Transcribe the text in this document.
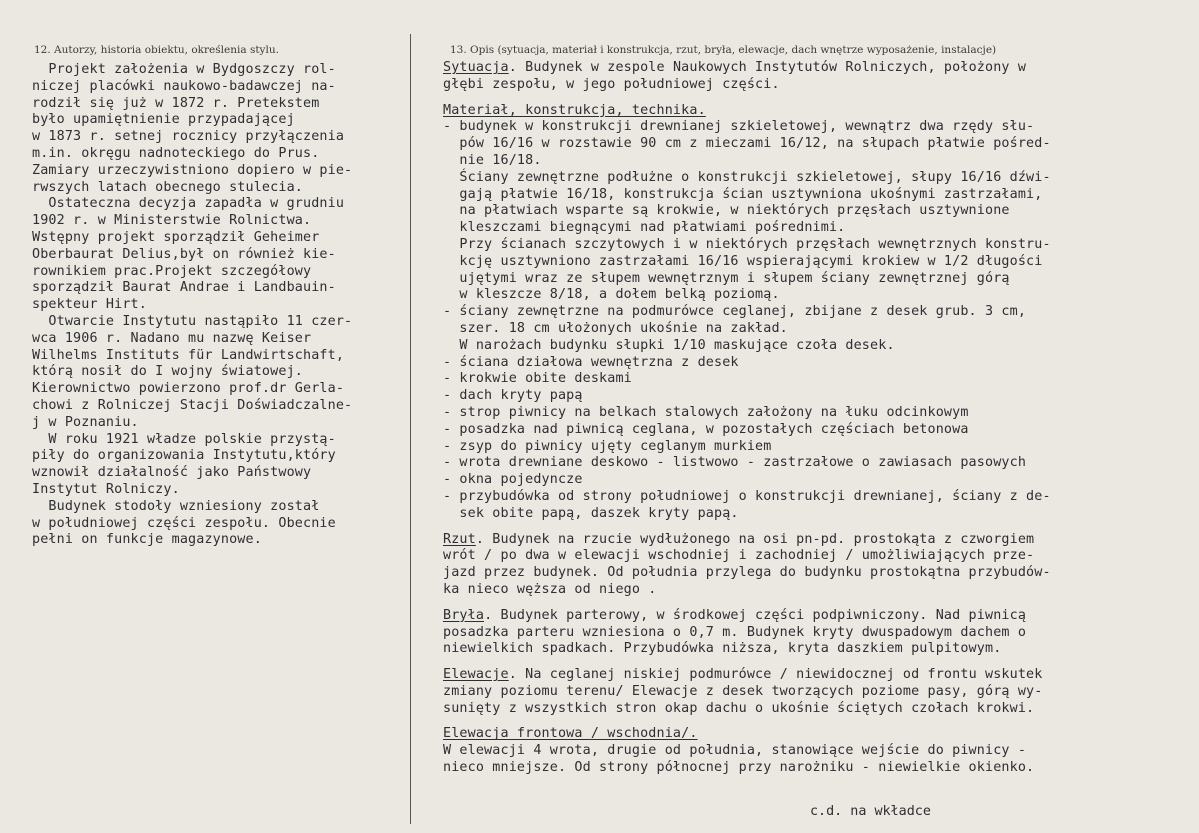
12. Autorzy, historia obiektu, określenia stylu.	13. Opis (sytuacja, materiał i konstrukcja, rzut, bryła, elewacje, dach wnętrze wyposażenie, instalacje)
Projekt założenia w Bydgoszczy rol-
niczej placówki naukowo-badawczej na-
rodził się już w 1872 r. Pretekstem
było upamiętnienie przypadającej
w 1873 r. setnej rocznicy przyłączenia
m.in. okręgu nadnoteckiego do Prus.
Zamiary urzeczywistniono dopiero w pie-
rwszych latach obecnego stulecia.
Ostateczna decyzja zapadła w grudniu
1902 r. w Ministerstwie Rolnictwa.
Wstępny projekt sporządził Geheimer
Oberbaurat Delius,był on również kie-
rownikiem prac.Projekt szczegółowy
sporządził Baurat Andrae i Landbauin-
spekteur Hirt.
Otwarcie Instytutu nastąpiło 11 czer-
wca 1906 r. Nadano mu nazwę Keiser
Wilhelms Instituts für Landwirtschaft,
którą nosił do I wojny światowej.
Kierownictwo powierzono prof.dr Gerla-
chowi z Rolniczej Stacji Doświadczalne-
j w Poznaniu.
W roku 1921 władze polskie przystą-
piły do organizowania Instytutu,który
wznowił działalność jako Państwowy
Instytut Rolniczy.
Budynek stodoły wzniesiony został
w południowej części zespołu. Obecnie
pełni on funkcje magazynowe.
Sytuacja. Budynek w zespole Naukowych Instytutów Rolniczych, położony w
głębi zespołu, w jego południowej części.
Materiał, konstrukcja, technika.
- budynek w konstrukcji drewnianej szkieletowej, wewnątrz dwa rzędy słu-
pów 16/16 w rozstawie 90 cm z mieczami 16/12, na słupach płatwie pośred-
nie 16/18.
Ściany zewnętrzne podłużne o konstrukcji szkieletowej, słupy 16/16 dźwi-
gają płatwie 16/18, konstrukcja ścian usztywniona ukośnymi zastrzałami,
na płatwiach wsparte są krokwie, w niektórych przęsłach usztywnione
kleszczami biegnącymi nad płatwiami pośrednimi.
Przy ścianach szczytowych i w niektórych przęsłach wewnętrznych konstru-
kcję usztywniono zastrzałami 16/16 wspierającymi krokiew w 1/2 długości
ujętymi wraz ze słupem wewnętrznym i słupem ściany zewnętrznej górą
w kleszcze 8/18, a dołem belką poziomą.
- ściany zewnętrzne na podmurówce ceglanej, zbijane z desek grub. 3 cm,
szer. 18 cm ułożonych ukośnie na zakład.
W narożach budynku słupki 1/10 maskujące czoła desek.
- ściana działowa wewnętrzna z desek
- krokwie obite deskami
- dach kryty papą
- strop piwnicy na belkach stalowych założony na łuku odcinkowym
- posadzka nad piwnicą ceglana, w pozostałych częściach betonowa
- zsyp do piwnicy ujęty ceglanym murkiem
- wrota drewniane deskowo - listwowo - zastrzałowe o zawiasach pasowych
- okna pojedyncze
- przybudówka od strony południowej o konstrukcji drewnianej, ściany z de-
sek obite papą, daszek kryty papą.
Rzut. Budynek na rzucie wydłużonego na osi pn-pd. prostokąta z czworgiem
wrót / po dwa w elewacji wschodniej i zachodniej / umożliwiających prze-
jazd przez budynek. Od południa przylega do budynku prostokątna przybudów-
ka nieco węższa od niego .
Bryła. Budynek parterowy, w środkowej części podpiwniczony. Nad piwnicą
posadzka parteru wzniesiona o 0,7 m. Budynek kryty dwuspadowym dachem o
niewielkich spadkach. Przybudówka niższa, kryta daszkiem pulpitowym.
Elewacje. Na ceglanej niskiej podmurówce / niewidocznej od frontu wskutek
zmiany poziomu terenu/ Elewacje z desek tworzących poziome pasy, górą wy-
sunięty z wszystkich stron okap dachu o ukośnie ściętych czołach krokwi.
Elewacja frontowa / wschodnia/.
W elewacji 4 wrota, drugie od południa, stanowiące wejście do piwnicy -
nieco mniejsze. Od strony północnej przy narożniku - niewielkie okienko.
c.d. na wkładce
